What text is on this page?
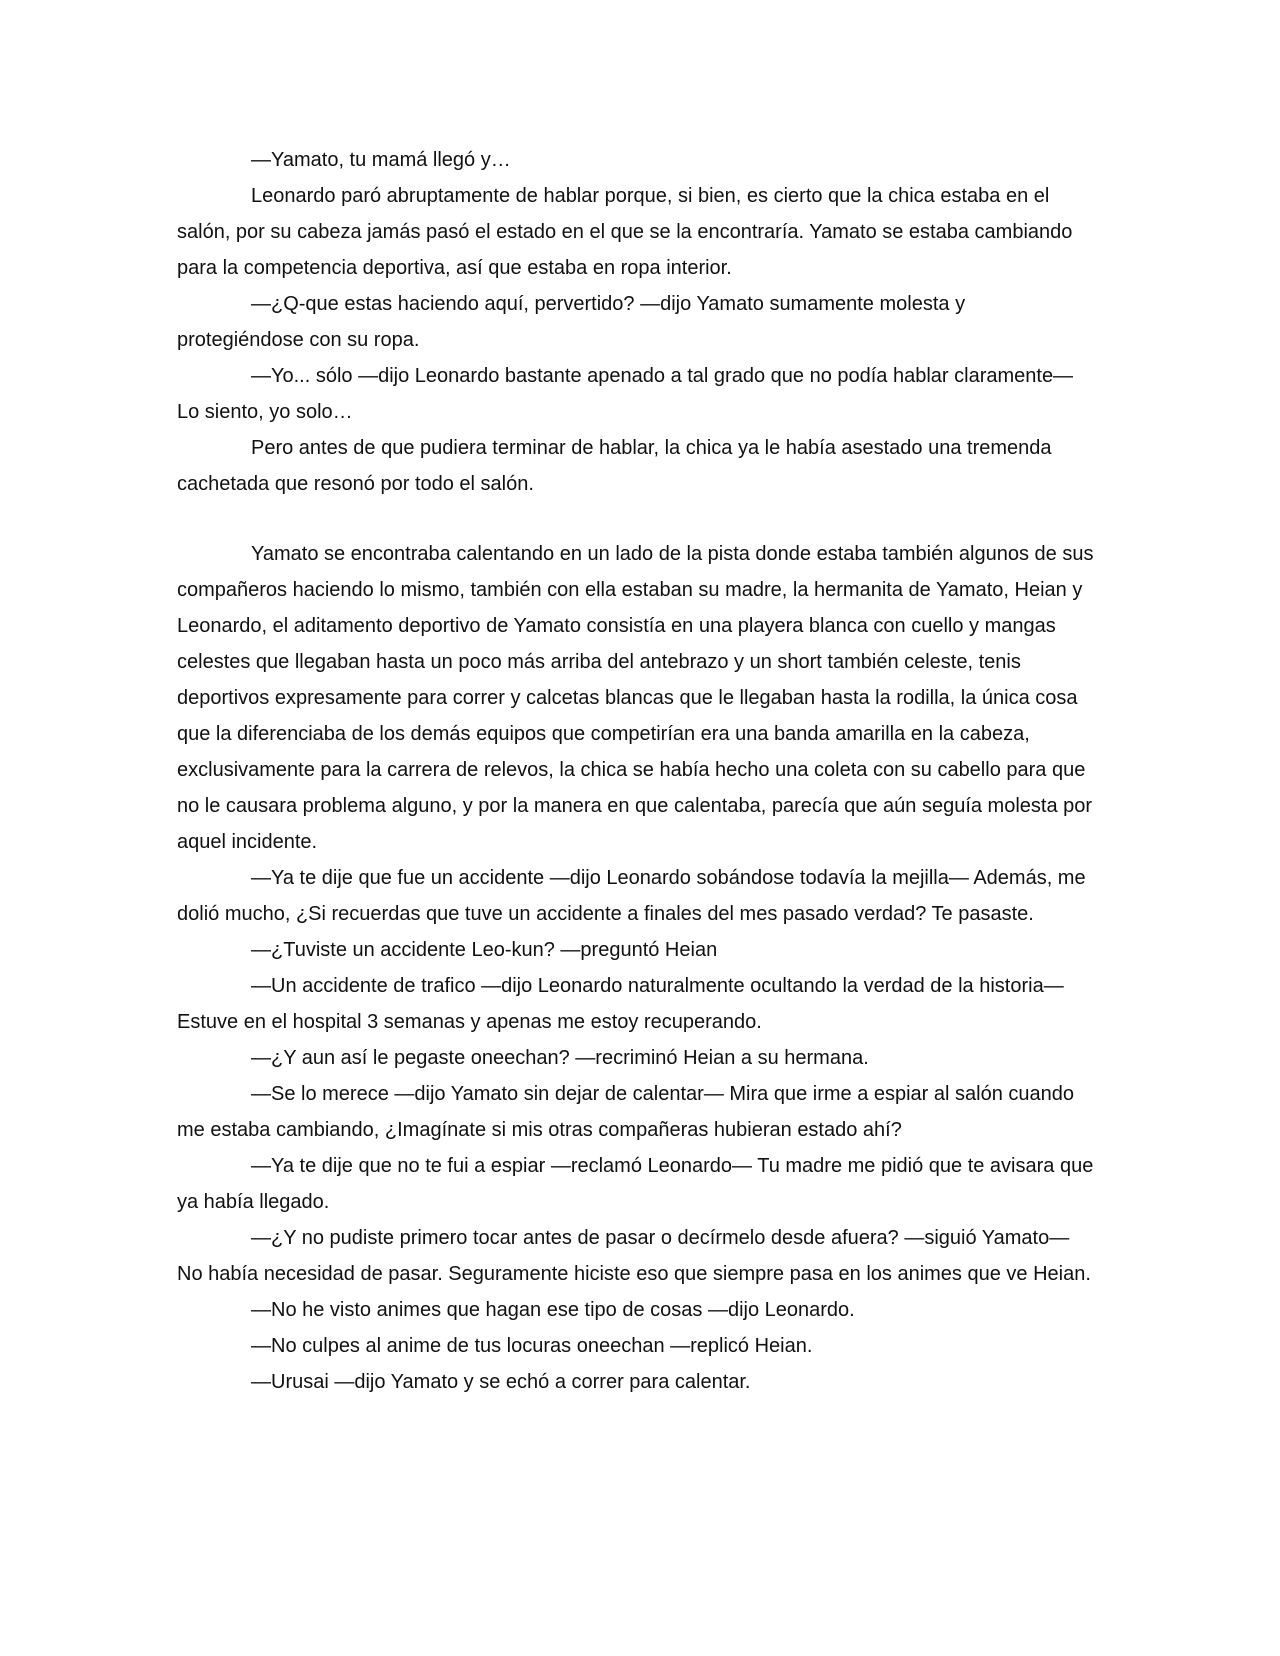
—Yamato, tu mamá llegó y…

Leonardo paró abruptamente de hablar porque, si bien, es cierto que la chica estaba en el salón, por su cabeza jamás pasó el estado en el que se la encontraría. Yamato se estaba cambiando para la competencia deportiva, así que estaba en ropa interior.

—¿Q-que estas haciendo aquí, pervertido? —dijo Yamato sumamente molesta y protegiéndose con su ropa.

—Yo... sólo —dijo Leonardo bastante apenado a tal grado que no podía hablar claramente— Lo siento, yo solo…

Pero antes de que pudiera terminar de hablar, la chica ya le había asestado una tremenda cachetada que resonó por todo el salón.

Yamato se encontraba calentando en un lado de la pista donde estaba también algunos de sus compañeros haciendo lo mismo, también con ella estaban su madre, la hermanita de Yamato, Heian y Leonardo, el aditamento deportivo de Yamato consistía en una playera blanca con cuello y mangas celestes que llegaban hasta un poco más arriba del antebrazo y un short también celeste, tenis deportivos expresamente para correr y calcetas blancas que le llegaban hasta la rodilla, la única cosa que la diferenciaba de los demás equipos que competirían era una banda amarilla en la cabeza, exclusivamente para la carrera de relevos, la chica se había hecho una coleta con su cabello para que no le causara problema alguno, y por la manera en que calentaba, parecía que aún seguía molesta por aquel incidente.

—Ya te dije que fue un accidente —dijo Leonardo sobándose todavía la mejilla— Además, me dolió mucho, ¿Si recuerdas que tuve un accidente a finales del mes pasado verdad? Te pasaste.

—¿Tuviste un accidente Leo-kun? —preguntó Heian

—Un accidente de trafico —dijo Leonardo naturalmente ocultando la verdad de la historia— Estuve en el hospital 3 semanas y apenas me estoy recuperando.

—¿Y aun así le pegaste oneechan? —recriminó Heian a su hermana.

—Se lo merece —dijo Yamato sin dejar de calentar— Mira que irme a espiar al salón cuando me estaba cambiando, ¿Imagínate si mis otras compañeras hubieran estado ahí?

—Ya te dije que no te fui a espiar —reclamó Leonardo— Tu madre me pidió que te avisara que ya había llegado.

—¿Y no pudiste primero tocar antes de pasar o decírmelo desde afuera? —siguió Yamato— No había necesidad de pasar. Seguramente hiciste eso que siempre pasa en los animes que ve Heian.

—No he visto animes que hagan ese tipo de cosas —dijo Leonardo.

—No culpes al anime de tus locuras oneechan —replicó Heian.

—Urusai —dijo Yamato y se echó a correr para calentar.
